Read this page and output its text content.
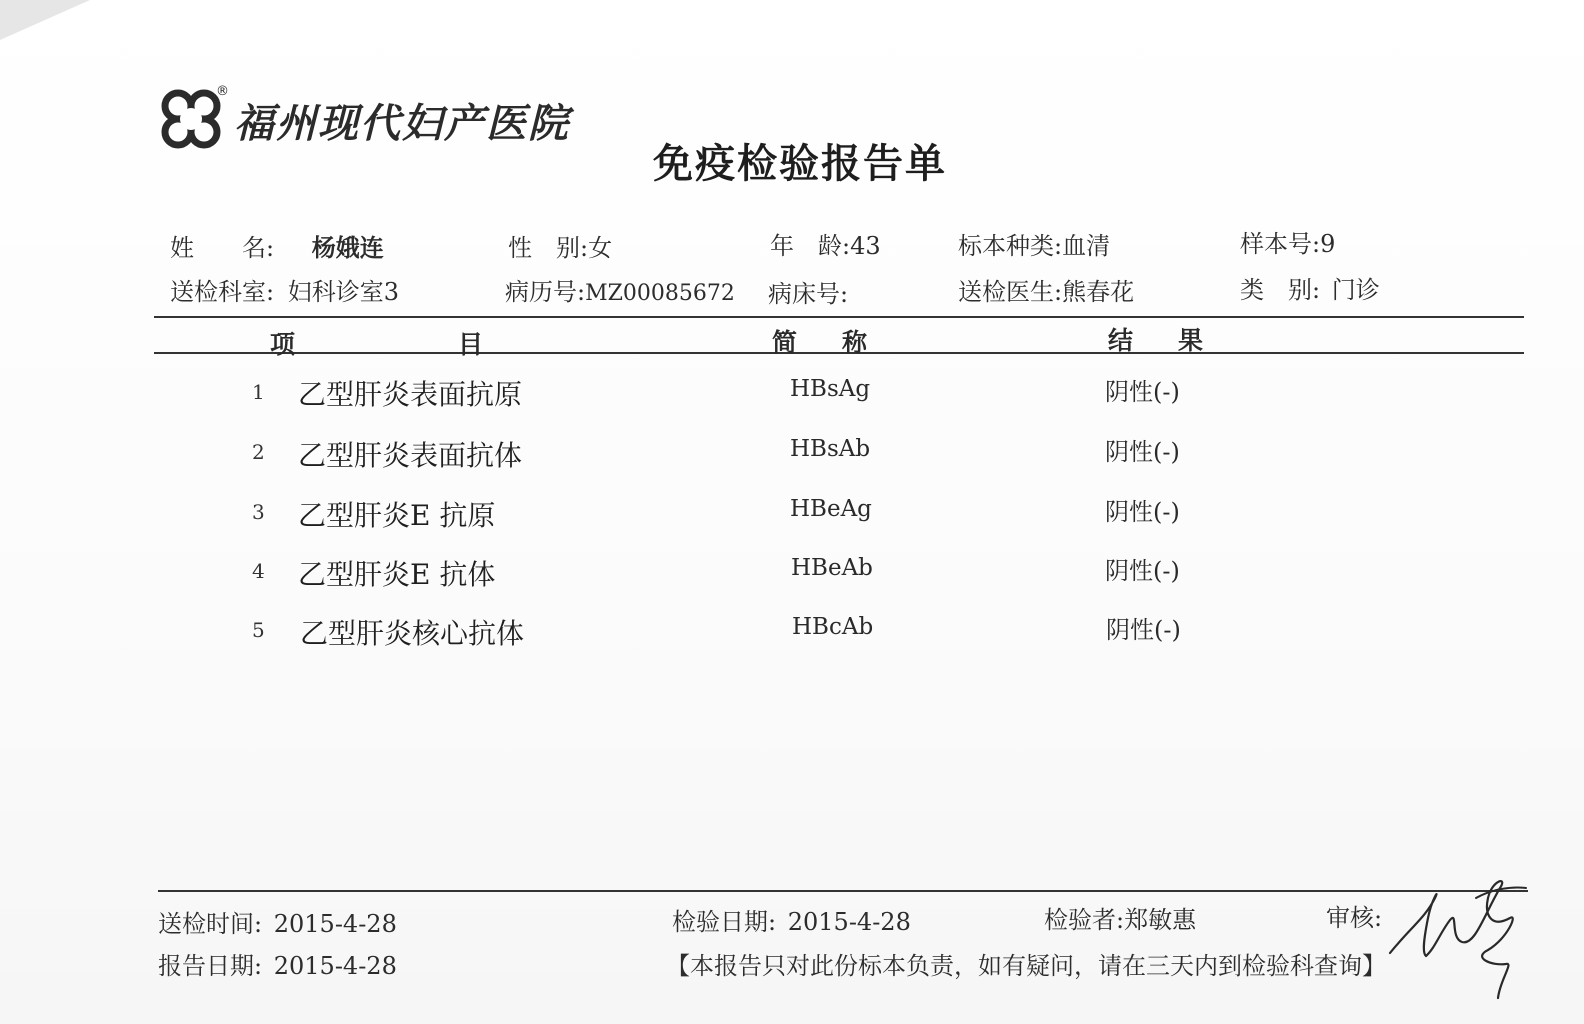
®
福州现代妇产医院
免疫检验报告单
姓　　名: 杨娥连	性　别:女	年　龄:43	标本种类:血清	样本号:9
送检科室: 妇科诊室3	病历号:MZ00085672 病床号:	送检医生:熊春花	类　别: 门诊
项	目	简 称	结 果
1 乙型肝炎表面抗原	HBsAg	阴性(-)
2 乙型肝炎表面抗体	HBsAb	阴性(-)
3 乙型肝炎E 抗原	HBeAg	阴性(-)
4 乙型肝炎E 抗体	HBeAb	阴性(-)
5 乙型肝炎核心抗体	HBcAb	阴性(-)
送检时间: 2015-4-28	检验日期: 2015-4-28	检验者:郑敏惠	审核:
报告日期: 2015-4-28	【本报告只对此份标本负责，如有疑问，请在三天内到检验科查询】
